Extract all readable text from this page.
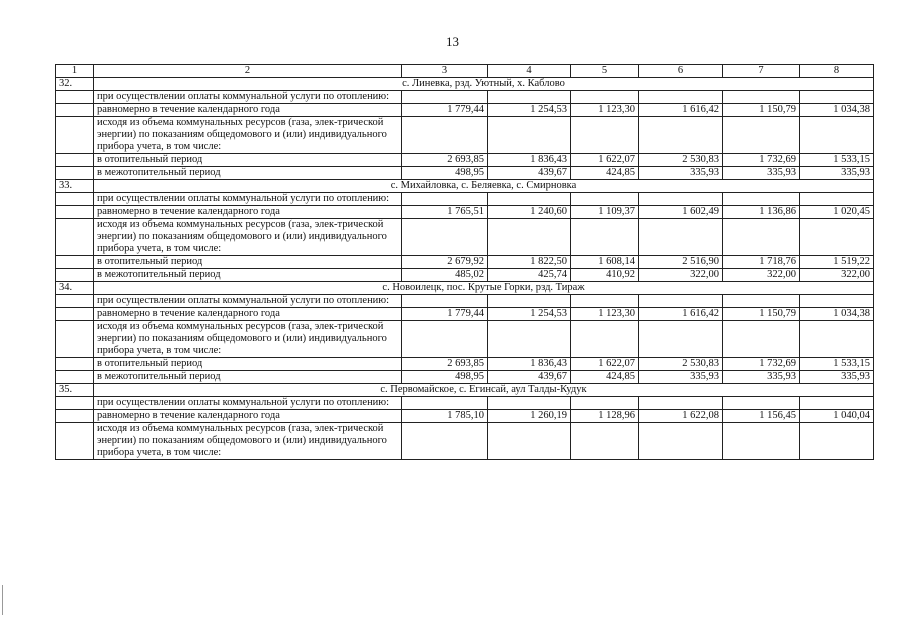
13
1	2	3	4	5	6	7	8
32.	с. Линевка, рзд. Уютный, х. Каблово						
	при осуществлении оплаты коммунальной услуги по отоплению:						
	равномерно в течение календарного года	1 779,44	1 254,53	1 123,30	1 616,42	1 150,79	1 034,38
	исходя из объема коммунальных ресурсов (газа, элек-трической энергии) по показаниям общедомового и (или) индивидуального прибора учета, в том числе:						
	в отопительный период	2 693,85	1 836,43	1 622,07	2 530,83	1 732,69	1 533,15
	в межотопительный период	498,95	439,67	424,85	335,93	335,93	335,93
33.	с. Михайловка, с. Беляевка, с. Смирновка						
	при осуществлении оплаты коммунальной услуги по отоплению:						
	равномерно в течение календарного года	1 765,51	1 240,60	1 109,37	1 602,49	1 136,86	1 020,45
	исходя из объема коммунальных ресурсов (газа, элек-трической энергии) по показаниям общедомового и (или) индивидуального прибора учета, в том числе:						
	в отопительный период	2 679,92	1 822,50	1 608,14	2 516,90	1 718,76	1 519,22
	в межотопительный период	485,02	425,74	410,92	322,00	322,00	322,00
34.	с. Новоилецк, пос. Крутые Горки, рзд. Тираж						
	при осуществлении оплаты коммунальной услуги по отоплению:						
	равномерно в течение календарного года	1 779,44	1 254,53	1 123,30	1 616,42	1 150,79	1 034,38
	исходя из объема коммунальных ресурсов (газа, элек-трической энергии) по показаниям общедомового и (или) индивидуального прибора учета, в том числе:						
	в отопительный период	2 693,85	1 836,43	1 622,07	2 530,83	1 732,69	1 533,15
	в межотопительный период	498,95	439,67	424,85	335,93	335,93	335,93
35.	с. Первомайское, с. Егинсай, аул Талды-Кудук						
	при осуществлении оплаты коммунальной услуги по отоплению:						
	равномерно в течение календарного года	1 785,10	1 260,19	1 128,96	1 622,08	1 156,45	1 040,04
	исходя из объема коммунальных ресурсов (газа, элек-трической энергии) по показаниям общедомового и (или) индивидуального прибора учета, в том числе:						
